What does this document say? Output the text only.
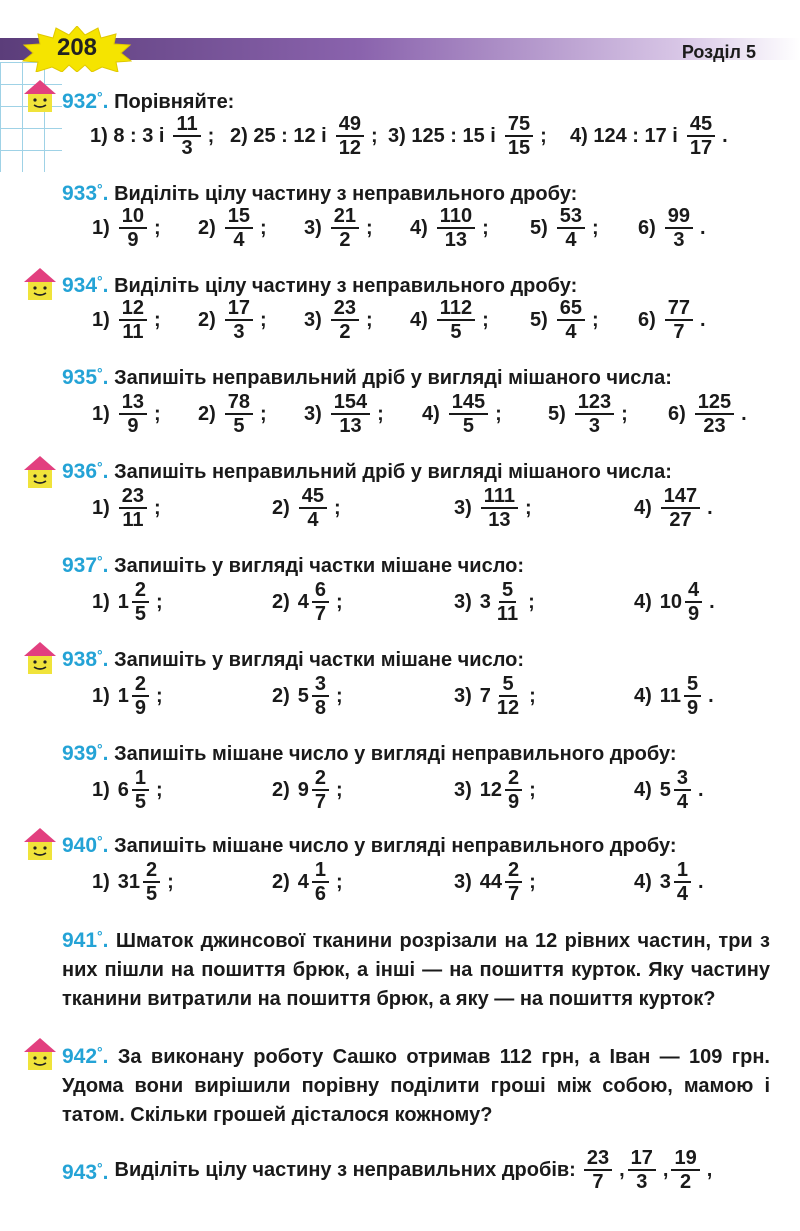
208	Розділ 5
932°. Порівняйте:
1) 8 : 3 і $\frac{11}{3}$ ; 2) 25 : 12 і $\frac{49}{12}$ ; 3) 125 : 15 і $\frac{75}{15}$ ; 4) 124 : 17 і $\frac{45}{17}$ .
933°. Виділіть цілу частину з неправильного дробу:
$1) \frac{10}{9}$ ; $2) \frac{15}{4}$ ; $3) \frac{21}{2}$ ; $4) \frac{110}{13}$ ; $5) \frac{53}{4}$ ; $6) \frac{99}{3}$ .
934°. Виділіть цілу частину з неправильного дробу:
$1) \frac{12}{11}$ ; $2) \frac{17}{3}$ ; $3) \frac{23}{2}$ ; $4) \frac{112}{5}$ ; $5) \frac{65}{4}$ ; $6) \frac{77}{7}$ .
935°. Запишіть неправильний дріб у вигляді мішаного числа:
$1) \frac{13}{9}$ ; $2) \frac{78}{5}$ ; $3) \frac{154}{13}$ ; $4) \frac{145}{5}$ ; $5) \frac{123}{3}$ ; $6) \frac{125}{23}$ .
936°. Запишіть неправильний дріб у вигляді мішаного числа:
$1) \frac{23}{11}$ ;	$2) \frac{45}{4}$ ;	$3) \frac{111}{13}$ ;	$4) \frac{147}{27}$ .
937°. Запишіть у вигляді частки мішане число:
1) $1 \frac{2}{5}$ ;	2) $4 \frac{6}{7}$ ;	3) $3 \frac{5}{11}$ ;	4) $10 \frac{4}{9}$ .
938°. Запишіть у вигляді частки мішане число:
1) $1 \frac{2}{9}$ ;	2) $5 \frac{3}{8}$ ;	3) $7 \frac{5}{12}$ ;	4) $11 \frac{5}{9}$ .
939°. Запишіть мішане число у вигляді неправильного дробу:
1) $6 \frac{1}{5}$ ;	2) $9 \frac{2}{7}$ ;	3) $12 \frac{2}{9}$ ;	4) $5 \frac{3}{4}$ .
940°. Запишіть мішане число у вигляді неправильного дробу:
1) $31 \frac{2}{5}$ ;	2) $4 \frac{1}{6}$ ;	3) $44 \frac{2}{7}$ ;	4) $3 \frac{1}{4}$ .
941°. Шматок джинсової тканини розрізали на 12 рівних частин, три з них пішли на пошиття брюк, а інші — на пошиття курток. Яку частину тканини витратили на пошиття брюк, а яку — на пошиття курток?
942°. За виконану роботу Сашко отримав 112 грн, а Іван — 109 грн. Удома вони вирішили порівну поділити гроші між собою, мамою і татом. Скільки грошей дісталося кожному?
943°. Виділіть цілу частину з неправильних дробів: $\frac{23}{7}$ , $\frac{17}{3}$ , $\frac{19}{2}$ ,
